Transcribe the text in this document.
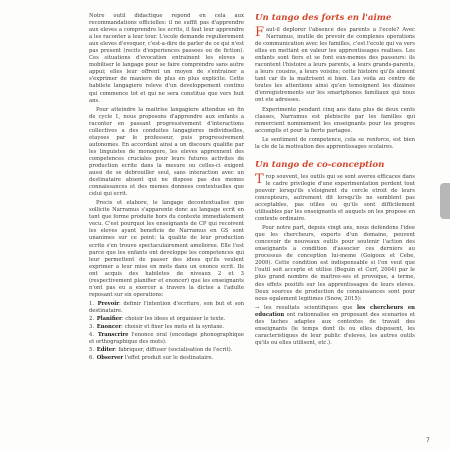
Notre outil didactique repond en cela aux recommandations officielles: il ne suffit pas d'apprendre aux eleves a comprendre les ecrits, il faut leur apprendre a les raconter a leur tour. L'ecole demande regulierement aux eleves d'evoquer, c'est-a-dire de parler de ce qui n'est pas present (recits d'experiences passees ou de fiction). Ces situations d'evocation entrainent les eleves a mobiliser le langage pour se faire comprendre sans autre appui; elles leur offrent un moyen de s'entrainer a s'exprimer de maniere de plus en plus explicite. Cette habilete langagiere releve d'un developpement continu qui commence tot et qui ne sera constitue que vers huit ans.

Pour atteindre la maitrise langagiere attendue en fin de cycle 1, nous proposons d'apprendre aux enfants a raconter en passant progressivement d'interactions collectives a des conduites langagieres individuelles, etayees par le professeur, puis progressivement autonomes. En accordant ainsi a un discours qualifie par les linguistes de monogere, les eleves apprennent des competences cruciales pour leurs futures activites de production ecrite dans la mesure ou celles-ci exigent aussi de se debrouiller seul, sans interaction avec un destinataire absent qui ne dispose pas des memes connaissances et des memes donnees contextuelles que celui qui ecrit.

Precis et elabore, le langage decontextualise que sollicite Narramus s'apparente donc au langage ecrit en tant que forme produite hors du contexte immediatement vecu. C'est pourquoi les enseignants de CP qui recoivent les eleves ayant beneficie de Narramus en GS sont unanimes sur ce point: la qualite de leur production ecrite s'en trouve spectaculairement amelioree. Elle l'est parce que les enfants ont developpe les competences qui leur permettent de passer des idees qu'ils veulent exprimer a leur mise en mots dans un enonce ecrit. Ils ont acquis des habiletes de niveaux 2 et 3 (respectivement planifier et enoncer) que les enseignants n'ont pas eu a exercer a travers la dictee a l'adulte reposant sur six operations:

1. Prevoir: definir l'intention d'ecriture, son but et son destinataire.
2. Planifier: choisir les idees et organiser le texte.
3. Enoncer: choisir et fixer les mots et la syntaxe.
4. Transcrire l'enonce oral (encodage phonographique et orthographique des mots).
5. Editer: fabriquer, diffuser (socialisation de l'ecrit).
6. Observer l'effet produit sur le destinataire.
Un tango des forts en l'aime

Faut-il deplorer l'absence des parents a l'ecole? Avec Narramus, inutile de prevoir de complexes operations de communication avec les familles, c'est l'ecole qui va vers elles en mettant en valeur les apprentissages realises. Les enfants sont fiers et se font eux-memes des passeurs: ils racontent l'histoire a leurs parents, a leurs grands-parents, a leurs cousins, a leurs voisins; cette histoire qu'ils aiment tant car ils la maitrisent si bien. Les voila au centre de toutes les attentions ainsi qu'en temoignent les dizaines d'enregistrements sur les smartphones familiaux qui nous ont ete adresses.

Experimente pendant cinq ans dans plus de deux cents classes, Narramus est plebiscite par les familles qui remercient nommement les enseignants pour les progres accomplis et pour la fierte partagee.

Le sentiment de competence, cela se renforce, est bien la cle de la motivation des apprentissages scolaires.

Un tango de co-conception

Trop souvent, les outils qui se sont averes efficaces dans le cadre privilegie d'une experimentation perdent tout pouvoir lorsqu'ils s'eloignent du cercle etroit de leurs concepteurs, autrement dit lorsqu'ils ne semblent pas acceptables, pas utiles ou qu'ils sont difficilement utilisables par les enseignants et auquels on les propose en contexte ordinaire.

Pour notre part, depuis vingt ans, nous defendons l'idee que les chercheurs, experts d'un domaine, peuvent concevoir de nouveaux outils pour soutenir l'action des enseignants a condition d'associer ces derniers au processus de conception lui-meme (Goigoux et Cebe, 2009). Cette condition est indispensable si l'on veut que l'outil soit accepte et utilise (Beguin et Cerf, 2004) par le plus grand nombre de maitres-ses et provoque, a terme, des effets positifs sur les apprentissages de leurs eleves. Deux sources de production de connaissances sont pour nous egalement legitimes (Snow, 2015):

→ les resultats scientifiques que les chercheurs en education ont rationnalise en proposant des scenarios et des taches adaptes aux contextes de travail des enseignants (le temps dont ils ou elles disposent, les caracteristiques de leur public d'eleves, les autres outils qu'ils ou elles utilisent, etc.).

7
